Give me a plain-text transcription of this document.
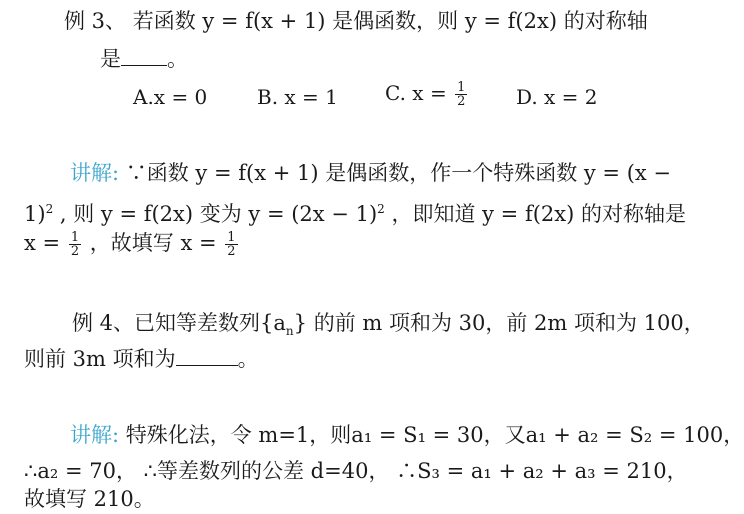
例 3、 若函数 y = f(x + 1) 是偶函数，则 y = f(2x) 的对称轴
是 。
A.x = 0 B. x = 1 C. $x = \frac{1}{2} D$. x = 2
讲解: ∵函数 y = f(x + 1) 是偶函数，作一个特殊函数 y = (x −
1)$^2$ , 则 y = f(2x) 变为 $y = (2x - 1)^2$ ，即知道 y = f(2x) 的对称轴是
$x = \frac{1}{2}$ ，故填写 $x = \frac{1}{2}$
例 4、已知等差数列$\{a_n\}$ 的前 m 项和为 30，前 2m 项和为 100，
则前 3m 项和为	。
讲解: 特殊化法，令 m=1，则a₁ = S₁ = 30，又a₁ + a₂ = S₂ = 100，
∴a₂ = 70， ∴等差数列的公差 d=40， ∴S₃ = a₁ + a₂ + a₃ = 210，
故填写 210。
